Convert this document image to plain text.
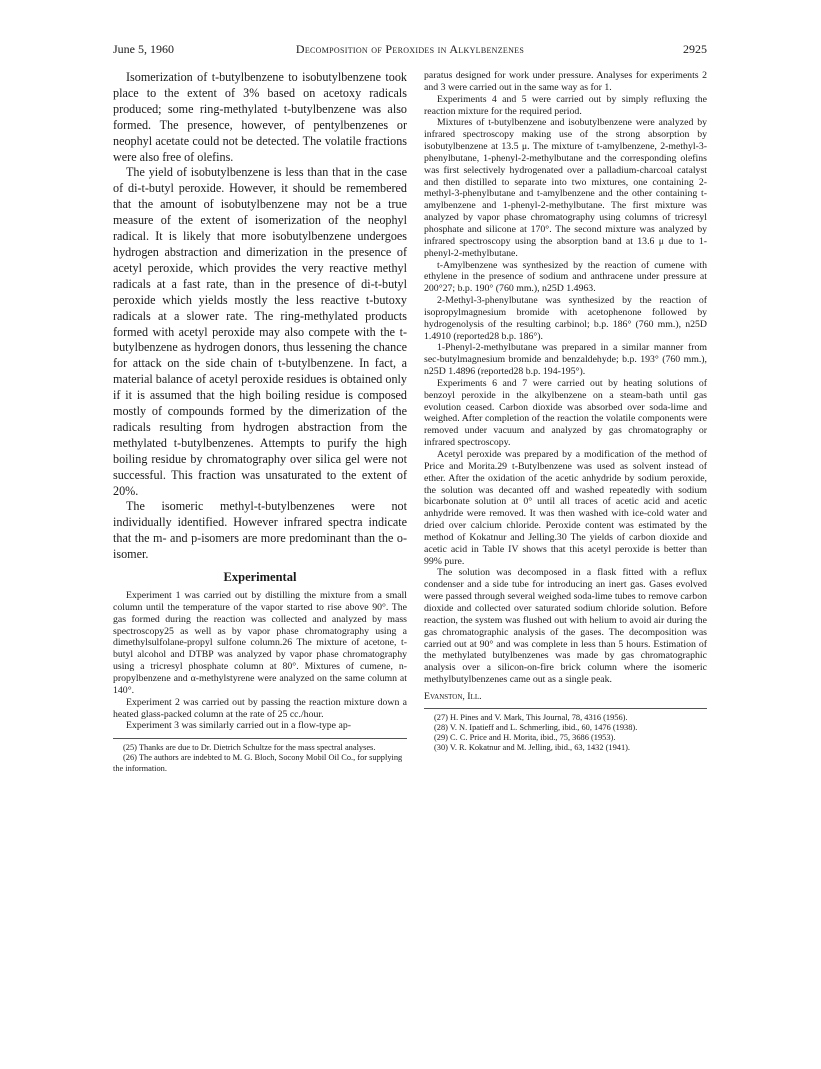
June 5, 1960	Decomposition of Peroxides in Alkylbenzenes	2925

Isomerization of t-butylbenzene to isobutylbenzene took place to the extent of 3% based on acetoxy radicals produced; some ring-methylated t-butylbenzene was also formed. The presence, however, of pentylbenzenes or neophyl acetate could not be detected. The volatile fractions were also free of olefins.

The yield of isobutylbenzene is less than that in the case of di-t-butyl peroxide. However, it should be remembered that the amount of isobutylbenzene may not be a true measure of the extent of isomerization of the neophyl radical. It is likely that more isobutylbenzene undergoes hydrogen abstraction and dimerization in the presence of acetyl peroxide, which provides the very reactive methyl radicals at a fast rate, than in the presence of di-t-butyl peroxide which yields mostly the less reactive t-butoxy radicals at a slower rate. The ring-methylated products formed with acetyl peroxide may also compete with the t-butylbenzene as hydrogen donors, thus lessening the chance for attack on the side chain of t-butylbenzene. In fact, a material balance of acetyl peroxide residues is obtained only if it is assumed that the high boiling residue is composed mostly of compounds formed by the dimerization of the radicals resulting from hydrogen abstraction from the methylated t-butylbenzenes. Attempts to purify the high boiling residue by chromatography over silica gel were not successful. This fraction was unsaturated to the extent of 20%.

The isomeric methyl-t-butylbenzenes were not individually identified. However infrared spectra indicate that the m- and p-isomers are more predominant than the o-isomer.

Experimental

Experiment 1 was carried out by distilling the mixture from a small column until the temperature of the vapor started to rise above 90°. The gas formed during the reaction was collected and analyzed by mass spectroscopy25 as well as by vapor phase chromatography using a dimethylsulfolane-propyl sulfone column.26 The mixture of acetone, t-butyl alcohol and DTBP was analyzed by vapor phase chromatography using a tricresyl phosphate column at 80°. Mixtures of cumene, n-propylbenzene and α-methylstyrene were analyzed on the same column at 140°.

Experiment 2 was carried out by passing the reaction mixture down a heated glass-packed column at the rate of 25 cc./hour.

Experiment 3 was similarly carried out in a flow-type ap-

(25) Thanks are due to Dr. Dietrich Schultze for the mass spectral analyses.

(26) The authors are indebted to M. G. Bloch, Socony Mobil Oil Co., for supplying the information.

paratus designed for work under pressure. Analyses for experiments 2 and 3 were carried out in the same way as for 1.

Experiments 4 and 5 were carried out by simply refluxing the reaction mixture for the required period.

Mixtures of t-butylbenzene and isobutylbenzene were analyzed by infrared spectroscopy making use of the strong absorption by isobutylbenzene at 13.5 μ. The mixture of t-amylbenzene, 2-methyl-3-phenylbutane, 1-phenyl-2-methylbutane and the corresponding olefins was first selectively hydrogenated over a palladium-charcoal catalyst and then distilled to separate into two mixtures, one containing 2-methyl-3-phenylbutane and t-amylbenzene and the other containing t-amylbenzene and 1-phenyl-2-methylbutane. The first mixture was analyzed by vapor phase chromatography using columns of tricresyl phosphate and silicone at 170°. The second mixture was analyzed by infrared spectroscopy using the absorption band at 13.6 μ due to 1-phenyl-2-methylbutane.

t-Amylbenzene was synthesized by the reaction of cumene with ethylene in the presence of sodium and anthracene under pressure at 200°27; b.p. 190° (760 mm.), n25D 1.4963.

2-Methyl-3-phenylbutane was synthesized by the reaction of isopropylmagnesium bromide with acetophenone followed by hydrogenolysis of the resulting carbinol; b.p. 186° (760 mm.), n25D 1.4910 (reported28 b.p. 186°).

1-Phenyl-2-methylbutane was prepared in a similar manner from sec-butylmagnesium bromide and benzaldehyde; b.p. 193° (760 mm.), n25D 1.4896 (reported28 b.p. 194-195°).

Experiments 6 and 7 were carried out by heating solutions of benzoyl peroxide in the alkylbenzene on a steam-bath until gas evolution ceased. Carbon dioxide was absorbed over soda-lime and weighed. After completion of the reaction the volatile components were removed under vacuum and analyzed by gas chromatography or infrared spectroscopy.

Acetyl peroxide was prepared by a modification of the method of Price and Morita.29 t-Butylbenzene was used as solvent instead of ether. After the oxidation of the acetic anhydride by sodium peroxide, the solution was decanted off and washed repeatedly with sodium bicarbonate solution at 0° until all traces of acetic acid and acetic anhydride were removed. It was then washed with ice-cold water and dried over calcium chloride. Peroxide content was estimated by the method of Kokatnur and Jelling.30 The yields of carbon dioxide and acetic acid in Table IV shows that this acetyl peroxide is better than 99% pure.

The solution was decomposed in a flask fitted with a reflux condenser and a side tube for introducing an inert gas. Gases evolved were passed through several weighed soda-lime tubes to remove carbon dioxide and collected over saturated sodium chloride solution. Before reaction, the system was flushed out with helium to avoid air during the gas chromatographic analysis of the gases. The decomposition was carried out at 90° and was complete in less than 5 hours. Estimation of the methylated butylbenzenes was made by gas chromatographic analysis over a silicon-on-fire brick column where the isomeric methylbutylbenzenes came out as a single peak.

Evanston, Ill.

(27) H. Pines and V. Mark, This Journal, 78, 4316 (1956).

(28) V. N. Ipatieff and L. Schmerling, ibid., 60, 1476 (1938).

(29) C. C. Price and H. Morita, ibid., 75, 3686 (1953).

(30) V. R. Kokatnur and M. Jelling, ibid., 63, 1432 (1941).
